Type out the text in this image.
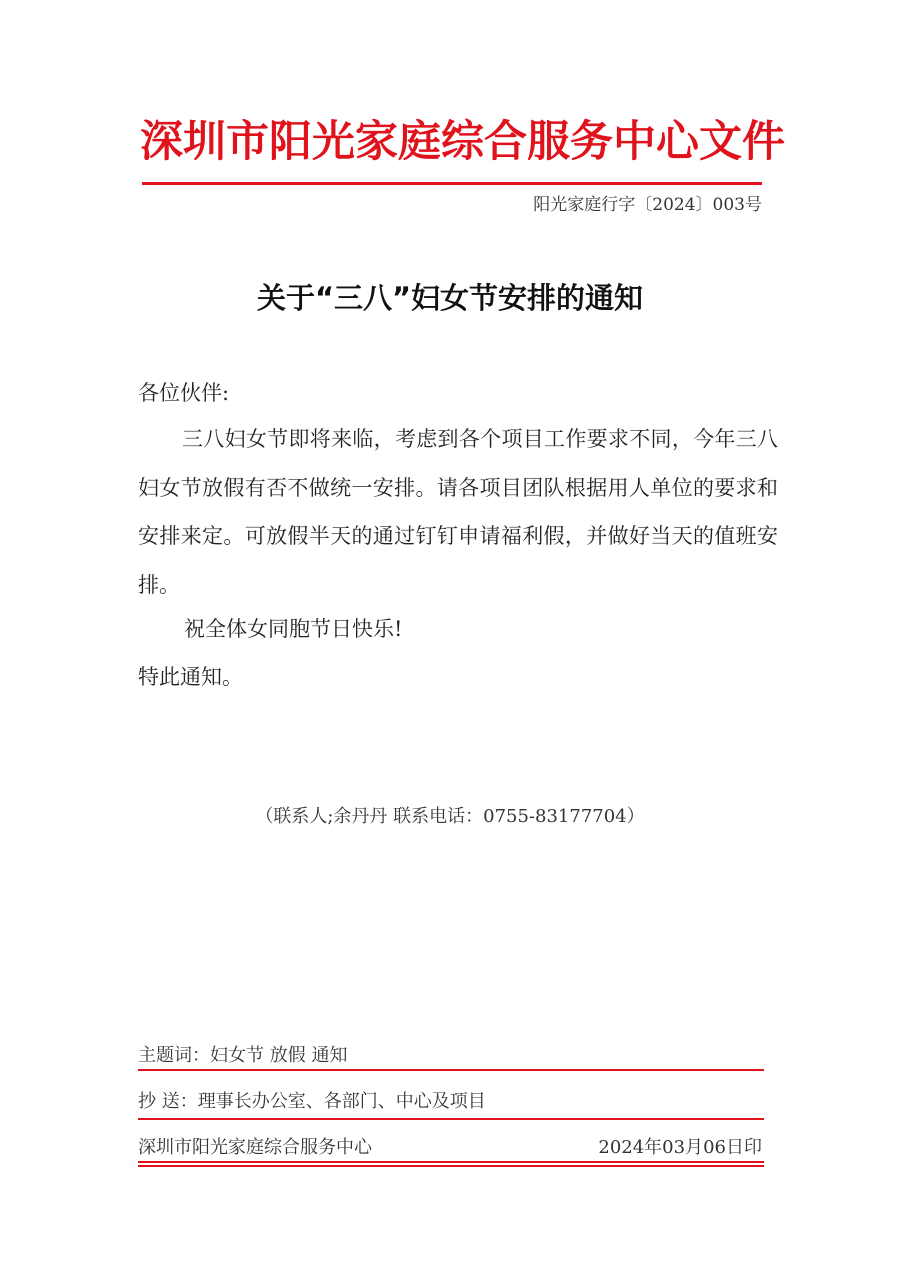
深圳市阳光家庭综合服务中心文件
阳光家庭行字〔2024〕003号
关于“三八”妇女节安排的通知
各位伙伴:
三八妇女节即将来临，考虑到各个项目工作要求不同，今年三八妇女节放假有否不做统一安排。请各项目团队根据用人单位的要求和安排来定。可放假半天的通过钉钉申请福利假，并做好当天的值班安排。
祝全体女同胞节日快乐!
特此通知。
（联系人;余丹丹 联系电话：0755-83177704）
主题词：妇女节 放假 通知
抄 送：理事长办公室、各部门、中心及项目
深圳市阳光家庭综合服务中心	2024年03月06日印
